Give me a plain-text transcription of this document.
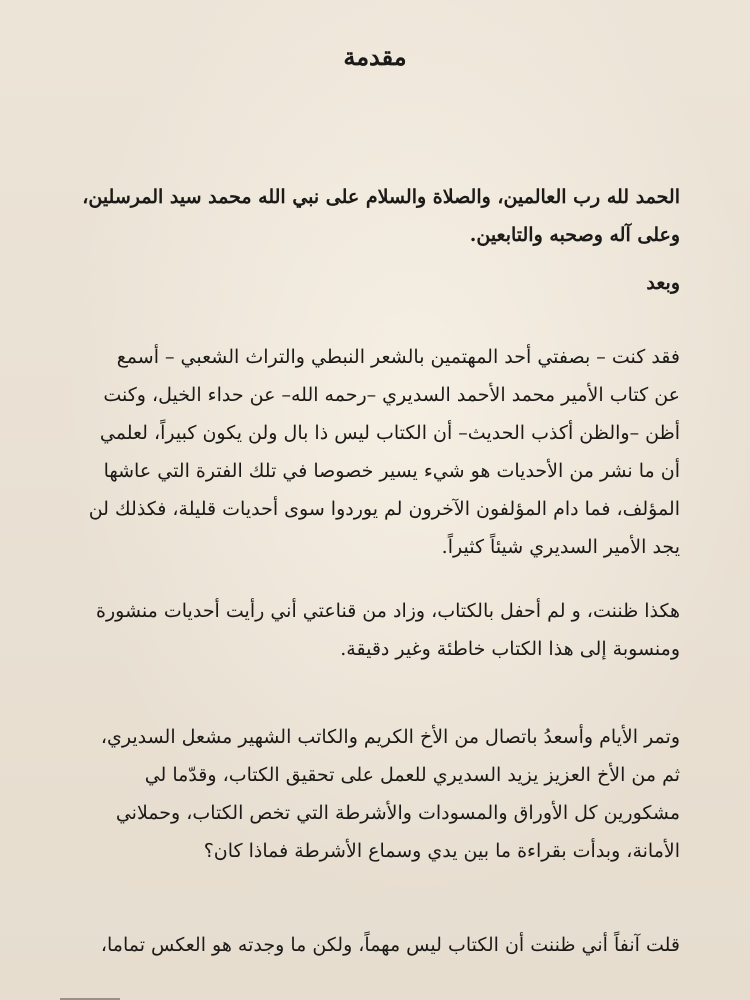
مقدمة
الحمد لله رب العالمين، والصلاة والسلام على نبي الله محمد سيد المرسلين،
وعلى آله وصحبه والتابعين.
وبعد
فقد كنت – بصفتي أحد المهتمين بالشعر النبطي والتراث الشعبي – أسمع
عن كتاب الأمير محمد الأحمد السديري –رحمه الله– عن حداء الخيل، وكنت
أظن –والظن أكذب الحديث– أن الكتاب ليس ذا بال ولن يكون كبيراً، لعلمي
أن ما نشر من الأحديات هو شيء يسير خصوصا في تلك الفترة التي عاشها
المؤلف، فما دام المؤلفون الآخرون لم يوردوا سوى أحديات قليلة، فكذلك لن
يجد الأمير السديري شيئاً كثيراً.
هكذا ظننت، و لم أحفل بالكتاب، وزاد من قناعتي أني رأيت أحديات منشورة
ومنسوبة إلى هذا الكتاب خاطئة وغير دقيقة.
وتمر الأيام وأسعدُ باتصال من الأخ الكريم والكاتب الشهير مشعل السديري،
ثم من الأخ العزيز يزيد السديري للعمل على تحقيق الكتاب، وقدّما لي
مشكورين كل الأوراق والمسودات والأشرطة التي تخص الكتاب، وحملاني
الأمانة، وبدأت بقراءة ما بين يدي وسماع الأشرطة فماذا كان؟
قلت آنفاً أني ظننت أن الكتاب ليس مهماً، ولكن ما وجدته هو العكس تماما،
